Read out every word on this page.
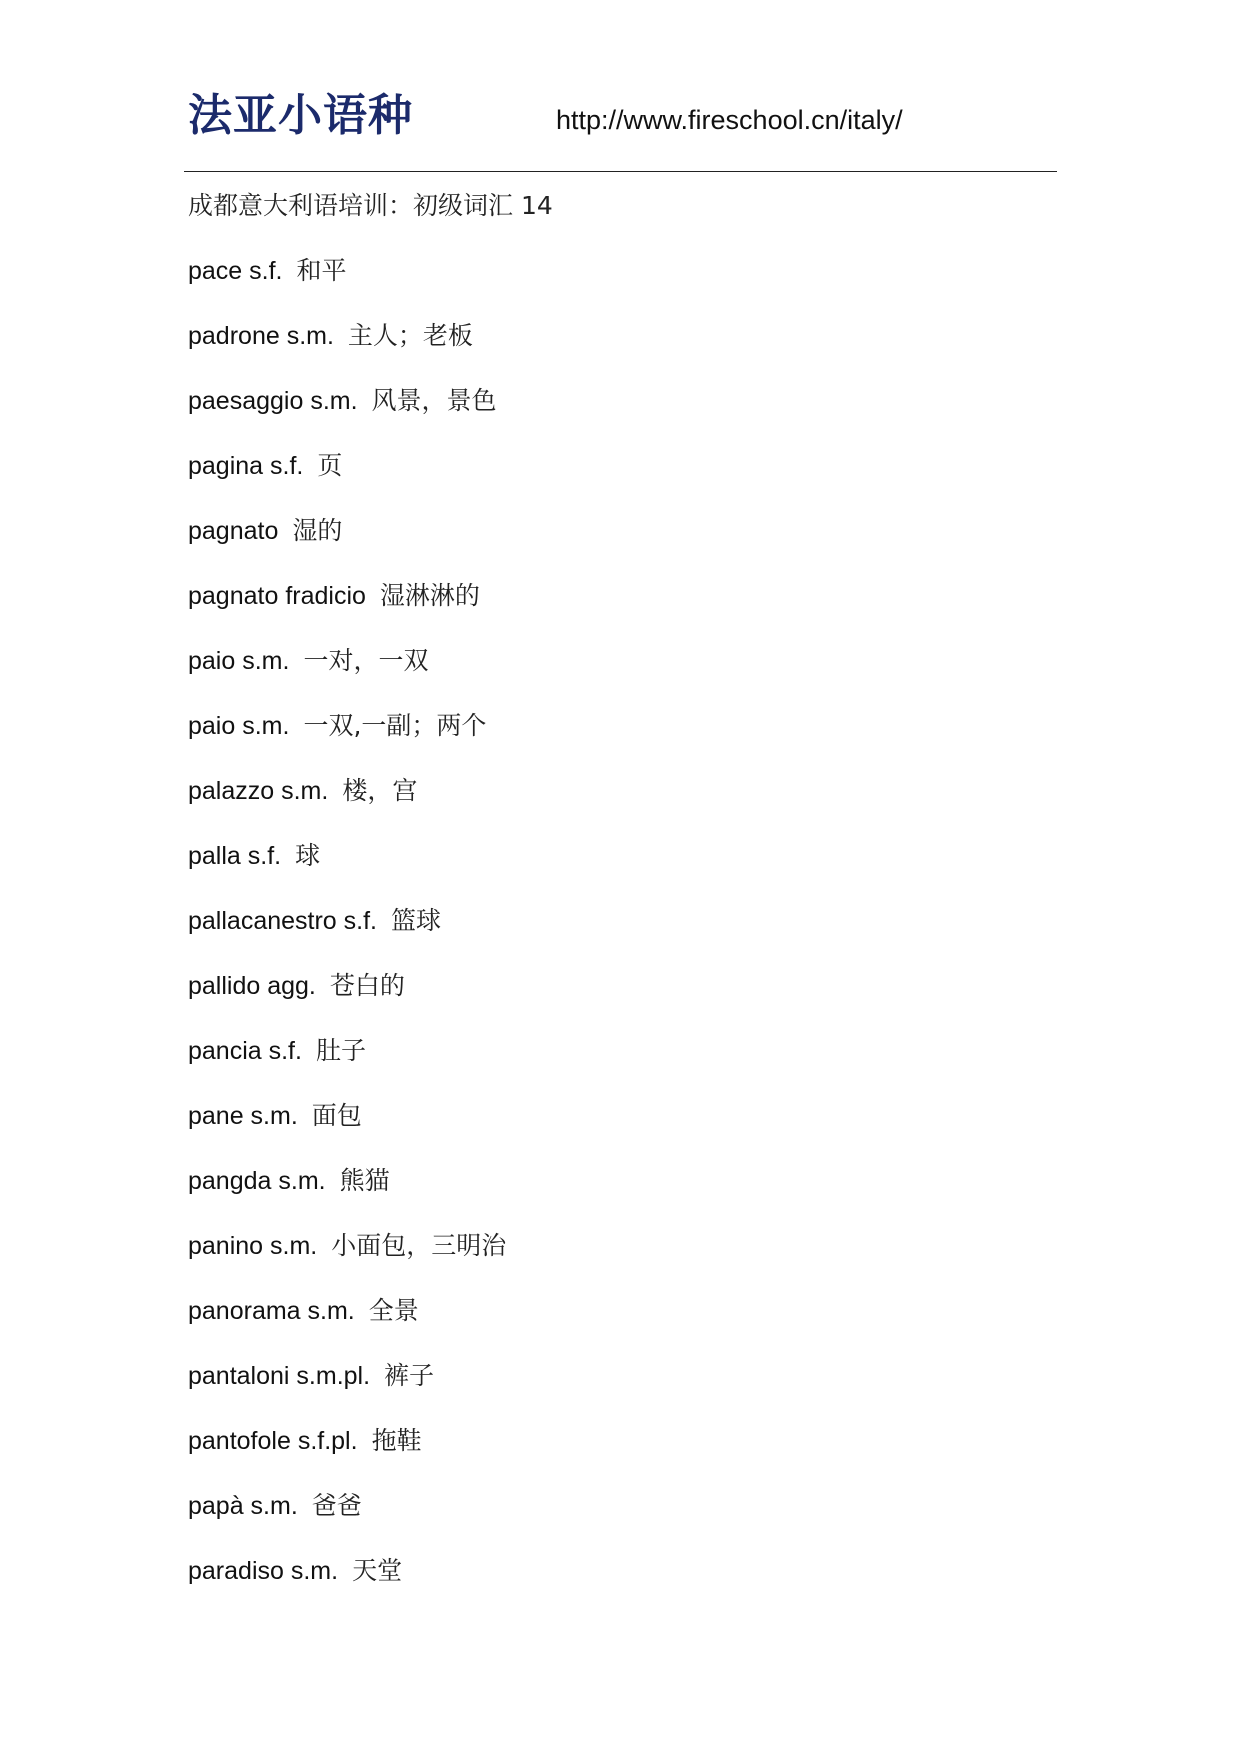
法亚小语种	http://www.fireschool.cn/italy/
成都意大利语培训：初级词汇 14
pace s.f. 和平
padrone s.m. 主人；老板
paesaggio s.m. 风景，景色
pagina s.f. 页
pagnato 湿的
pagnato fradicio 湿淋淋的
paio s.m. 一对，一双
paio s.m. 一双,一副；两个
palazzo s.m. 楼，宫
palla s.f. 球
pallacanestro s.f. 篮球
pallido agg. 苍白的
pancia s.f. 肚子
pane s.m. 面包
pangda s.m. 熊猫
panino s.m. 小面包，三明治
panorama s.m. 全景
pantaloni s.m.pl. 裤子
pantofole s.f.pl. 拖鞋
papà s.m. 爸爸
paradiso s.m. 天堂
